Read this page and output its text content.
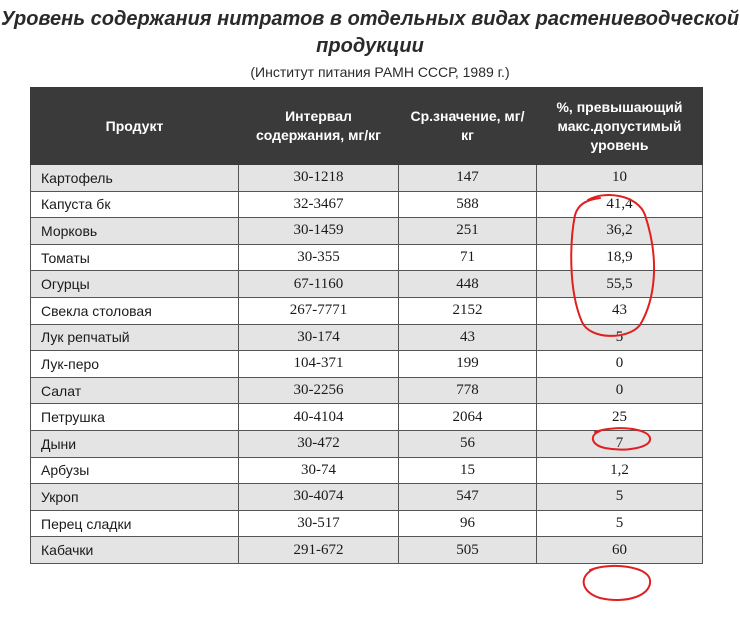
Уровень содержания нитратов в отдельных видах растениеводческой продукции
(Институт питания РАМН СССР, 1989 г.)
Продукт	Интервал содержания, мг/кг	Ср.значение, мг/кг	%, превышающий макс.допустимый уровень
Картофель	30-1218	147	10
Капуста бк	32-3467	588	41,4
Морковь	30-1459	251	36,2
Томаты	30-355	71	18,9
Огурцы	67-1160	448	55,5
Свекла столовая	267-7771	2152	43
Лук репчатый	30-174	43	5
Лук-перо	104-371	199	0
Салат	30-2256	778	0
Петрушка	40-4104	2064	25
Дыни	30-472	56	7
Арбузы	30-74	15	1,2
Укроп	30-4074	547	5
Перец сладки	30-517	96	5
Кабачки	291-672	505	60
